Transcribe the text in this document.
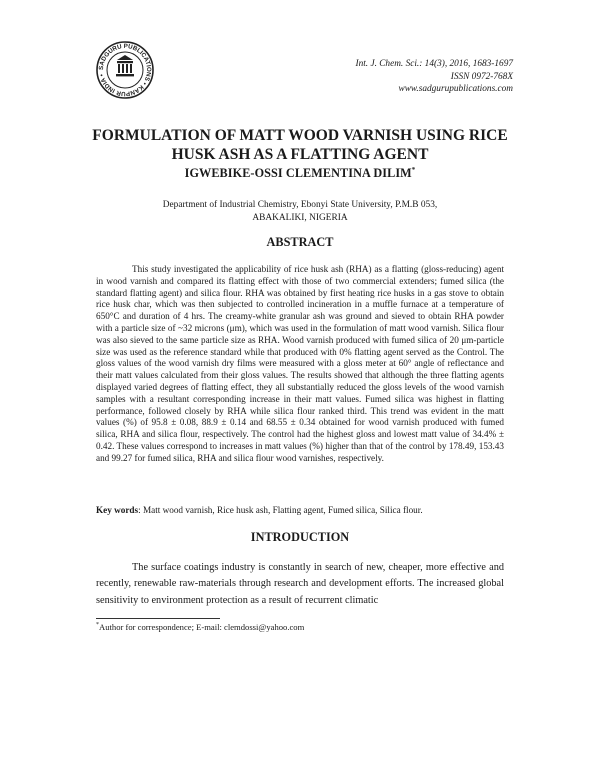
SADGURU PUBLICATIONS • KANPUR INDIA •
Int. J. Chem. Sci.: 14(3), 2016, 1683-1697
ISSN 0972-768X
www.sadgurupublications.com
FORMULATION OF MATT WOOD VARNISH USING RICE
HUSK ASH AS A FLATTING AGENT
IGWEBIKE-OSSI CLEMENTINA DILIM*
Department of Industrial Chemistry, Ebonyi State University, P.M.B 053,
ABAKALIKI, NIGERIA
ABSTRACT

This study investigated the applicability of rice husk ash (RHA) as a flatting (gloss-reducing) agent in wood varnish and compared its flatting effect with those of two commercial extenders; fumed silica (the standard flatting agent) and silica flour. RHA was obtained by first heating rice husks in a gas stove to obtain rice husk char, which was then subjected to controlled incineration in a muffle furnace at a temperature of 650°C and duration of 4 hrs. The creamy-white granular ash was ground and sieved to obtain RHA powder with a particle size of ~32 microns (μm), which was used in the formulation of matt wood varnish. Silica flour was also sieved to the same particle size as RHA. Wood varnish produced with fumed silica of 20 μm-particle size was used as the reference standard while that produced with 0% flatting agent served as the Control. The gloss values of the wood varnish dry films were measured with a gloss meter at 60° angle of reflectance and their matt values calculated from their gloss values. The results showed that although the three flatting agents displayed varied degrees of flatting effect, they all substantially reduced the gloss levels of the wood varnish samples with a resultant corresponding increase in their matt values. Fumed silica was highest in flatting performance, followed closely by RHA while silica flour ranked third. This trend was evident in the matt values (%) of 95.8 ± 0.08, 88.9 ± 0.14 and 68.55 ± 0.34 obtained for wood varnish produced with fumed silica, RHA and silica flour, respectively. The control had the highest gloss and lowest matt value of 34.4% ± 0.42. These values correspond to increases in matt values (%) higher than that of the control by 178.49, 153.43 and 99.27 for fumed silica, RHA and silica flour wood varnishes, respectively.

Key words: Matt wood varnish, Rice husk ash, Flatting agent, Fumed silica, Silica flour.

INTRODUCTION

The surface coatings industry is constantly in search of new, cheaper, more effective and recently, renewable raw-materials through research and development efforts. The increased global sensitivity to environment protection as a result of recurrent climatic

*Author for correspondence; E-mail: clemdossi@yahoo.com
